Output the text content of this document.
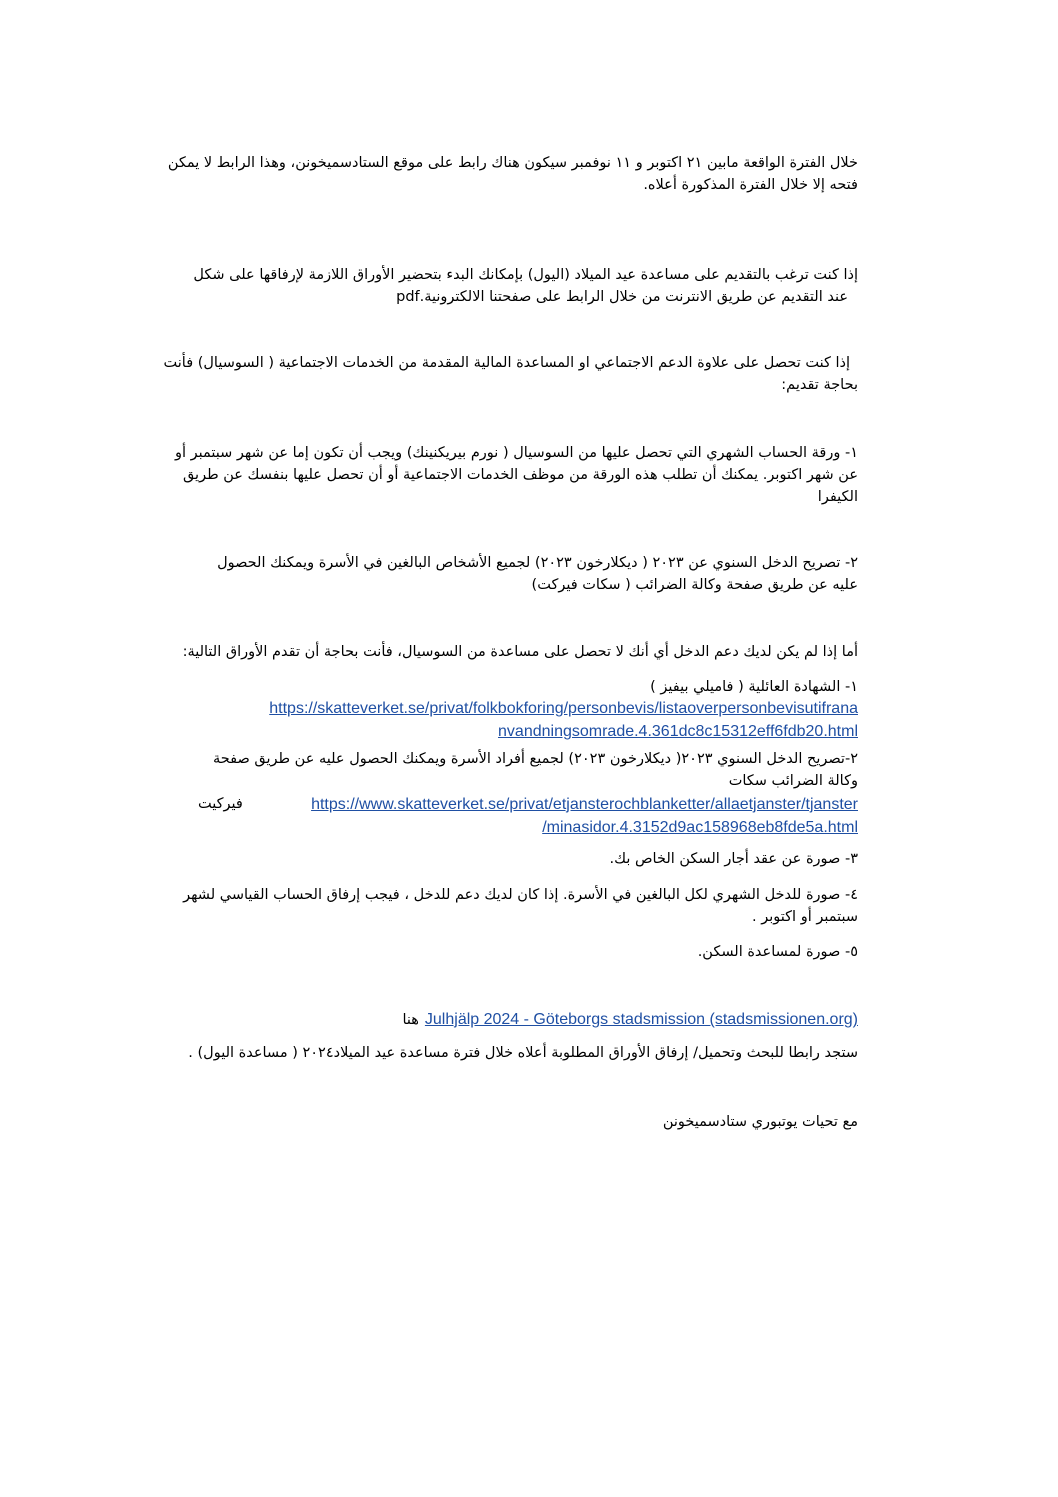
خلال الفترة الواقعة مابين ٢١ اكتوبر و ١١ نوفمبر سيكون هناك رابط على موقع الستادسميخونن، وهذا الرابط لا يمكن
فتحه إلا خلال الفترة المذكورة أعلاه.
إذا كنت ترغب بالتقديم على مساعدة عيد الميلاد (اليول) بإمكانك البدء بتحضير الأوراق اللازمة لإرفاقها على شكل
عند التقديم عن طريق الانترنت من خلال الرابط على صفحتنا الالكترونية.pdf
إذا كنت تحصل على علاوة الدعم الاجتماعي او المساعدة المالية المقدمة من الخدمات الاجتماعية ( السوسيال) فأنت
بحاجة تقديم:
١- ورقة الحساب الشهري التي تحصل عليها من السوسيال ( نورم بيريكنينك) ويجب أن تكون إما عن شهر سبتمبر أو
عن شهر اكتوبر. يمكنك أن تطلب هذه الورقة من موظف الخدمات الاجتماعية أو أن تحصل عليها بنفسك عن طريق
الكيفرا
٢- تصريح الدخل السنوي عن ٢٠٢٣ ( ديكلارخون ٢٠٢٣) لجميع الأشخاص البالغين في الأسرة ويمكنك الحصول
عليه عن طريق صفحة وكالة الضرائب ( سكات فيركت)
أما إذا لم يكن لديك دعم الدخل أي أنك لا تحصل على مساعدة من السوسيال، فأنت بحاجة أن تقدم الأوراق التالية:
١- الشهادة العائلية ( فاميلي بيفيز )
https://skatteverket.se/privat/folkbokforing/personbevis/listaoverpersonbevisutifrana
nvandningsomrade.4.361dc8c15312eff6fdb20.html
٢-تصريح الدخل السنوي ٢٠٢٣( ديكلارخون ٢٠٢٣) لجميع أفراد الأسرة ويمكنك الحصول عليه عن طريق صفحة
وكالة الضرائب سكات
فيركيت	https://www.skatteverket.se/privat/etjansterochblanketter/allaetjanster/tjanster
/minasidor.4.3152d9ac158968eb8fde5a.html
٣- صورة عن عقد أجار السكن الخاص بك.
٤- صورة للدخل الشهري لكل البالغين في الأسرة. إذا كان لديك دعم للدخل ، فيجب إرفاق الحساب القياسي لشهر
سبتمبر أو اكتوبر .
٥- صورة لمساعدة السكن.
هنا Julhjälp 2024 - Göteborgs stadsmission (stadsmissionen.org)
ستجد رابطا للبحث وتحميل/ إرفاق الأوراق المطلوبة أعلاه خلال فترة مساعدة عيد الميلاد٢٠٢٤ ( مساعدة اليول) .
مع تحيات يوتبوري ستادسميخونن
